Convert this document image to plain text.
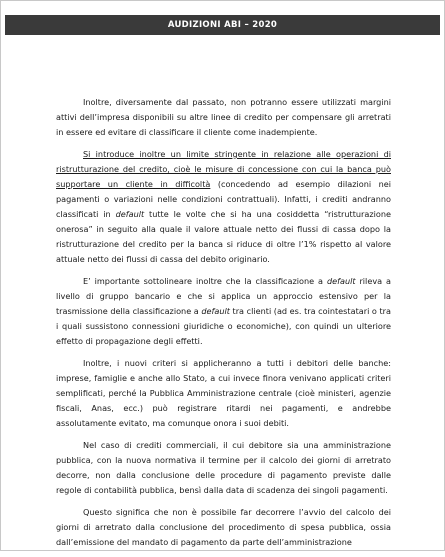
AUDIZIONI ABI – 2020

Inoltre, diversamente dal passato, non potranno essere utilizzati margini attivi dell’impresa disponibili su altre linee di credito per compensare gli arretrati in essere ed evitare di classificare il cliente come inadempiente.

Si introduce inoltre un limite stringente in relazione alle operazioni di ristrutturazione del credito, cioè le misure di concessione con cui la banca può supportare un cliente in difficoltà (concedendo ad esempio dilazioni nei pagamenti o variazioni nelle condizioni contrattuali). Infatti, i crediti andranno classificati in default tutte le volte che si ha una cosiddetta “ristrutturazione onerosa” in seguito alla quale il valore attuale netto dei flussi di cassa dopo la ristrutturazione del credito per la banca si riduce di oltre l’1% rispetto al valore attuale netto dei flussi di cassa del debito originario.

E’ importante sottolineare inoltre che la classificazione a default rileva a livello di gruppo bancario e che si applica un approccio estensivo per la trasmissione della classificazione a default tra clienti (ad es. tra cointestatari o tra i quali sussistono connessioni giuridiche o economiche), con quindi un ulteriore effetto di propagazione degli effetti.

Inoltre, i nuovi criteri si applicheranno a tutti i debitori delle banche: imprese, famiglie e anche allo Stato, a cui invece finora venivano applicati criteri semplificati, perché la Pubblica Amministrazione centrale (cioè ministeri, agenzie fiscali, Anas, ecc.) può registrare ritardi nei pagamenti, e andrebbe assolutamente evitato, ma comunque onora i suoi debiti.

Nel caso di crediti commerciali, il cui debitore sia una amministrazione pubblica, con la nuova normativa il termine per il calcolo dei giorni di arretrato decorre, non dalla conclusione delle procedure di pagamento previste dalle regole di contabilità pubblica, bensì dalla data di scadenza dei singoli pagamenti.

Questo significa che non è possibile far decorrere l’avvio del calcolo dei giorni di arretrato dalla conclusione del procedimento di spesa pubblica, ossia dall’emissione del mandato di pagamento da parte dell’amministrazione
